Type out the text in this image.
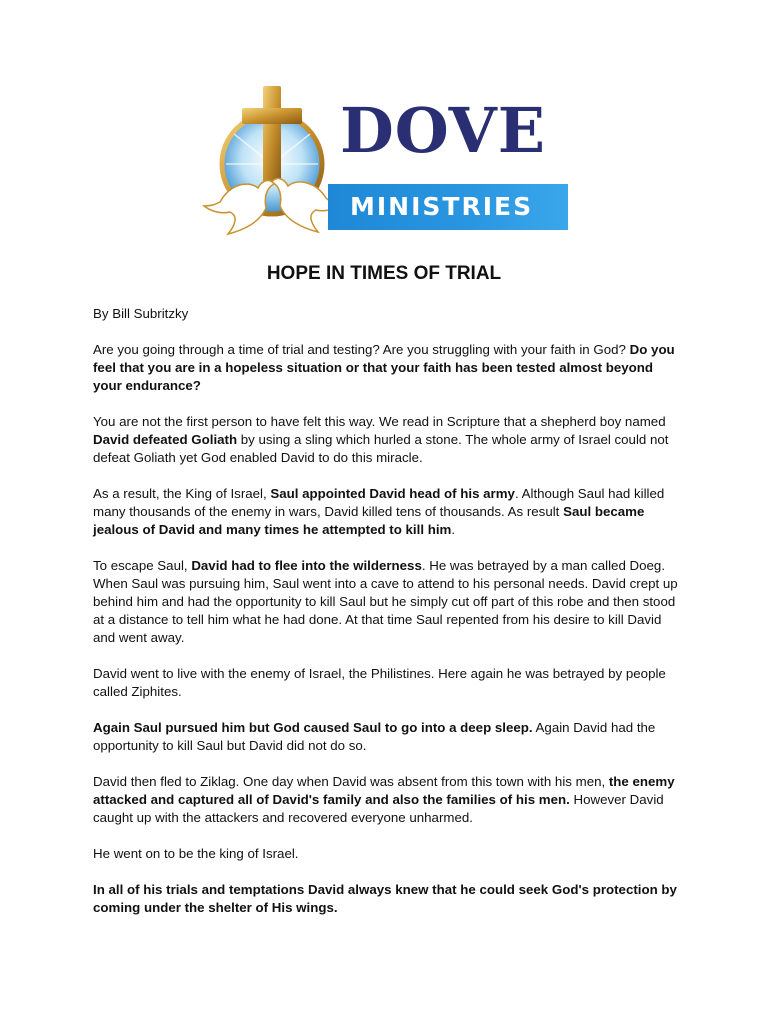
DOVE
MINISTRIES
HOPE IN TIMES OF TRIAL

By Bill Subritzky

Are you going through a time of trial and testing? Are you struggling with your faith in God? Do you feel that you are in a hopeless situation or that your faith has been tested almost beyond your endurance?

You are not the first person to have felt this way. We read in Scripture that a shepherd boy named David defeated Goliath by using a sling which hurled a stone. The whole army of Israel could not defeat Goliath yet God enabled David to do this miracle.

As a result, the King of Israel, Saul appointed David head of his army. Although Saul had killed many thousands of the enemy in wars, David killed tens of thousands. As result Saul became jealous of David and many times he attempted to kill him.

To escape Saul, David had to flee into the wilderness. He was betrayed by a man called Doeg. When Saul was pursuing him, Saul went into a cave to attend to his personal needs. David crept up behind him and had the opportunity to kill Saul but he simply cut off part of this robe and then stood at a distance to tell him what he had done. At that time Saul repented from his desire to kill David and went away.

David went to live with the enemy of Israel, the Philistines. Here again he was betrayed by people called Ziphites.

Again Saul pursued him but God caused Saul to go into a deep sleep. Again David had the opportunity to kill Saul but David did not do so.

David then fled to Ziklag. One day when David was absent from this town with his men, the enemy attacked and captured all of David's family and also the families of his men. However David caught up with the attackers and recovered everyone unharmed.

He went on to be the king of Israel.

In all of his trials and temptations David always knew that he could seek God's protection by coming under the shelter of His wings.
